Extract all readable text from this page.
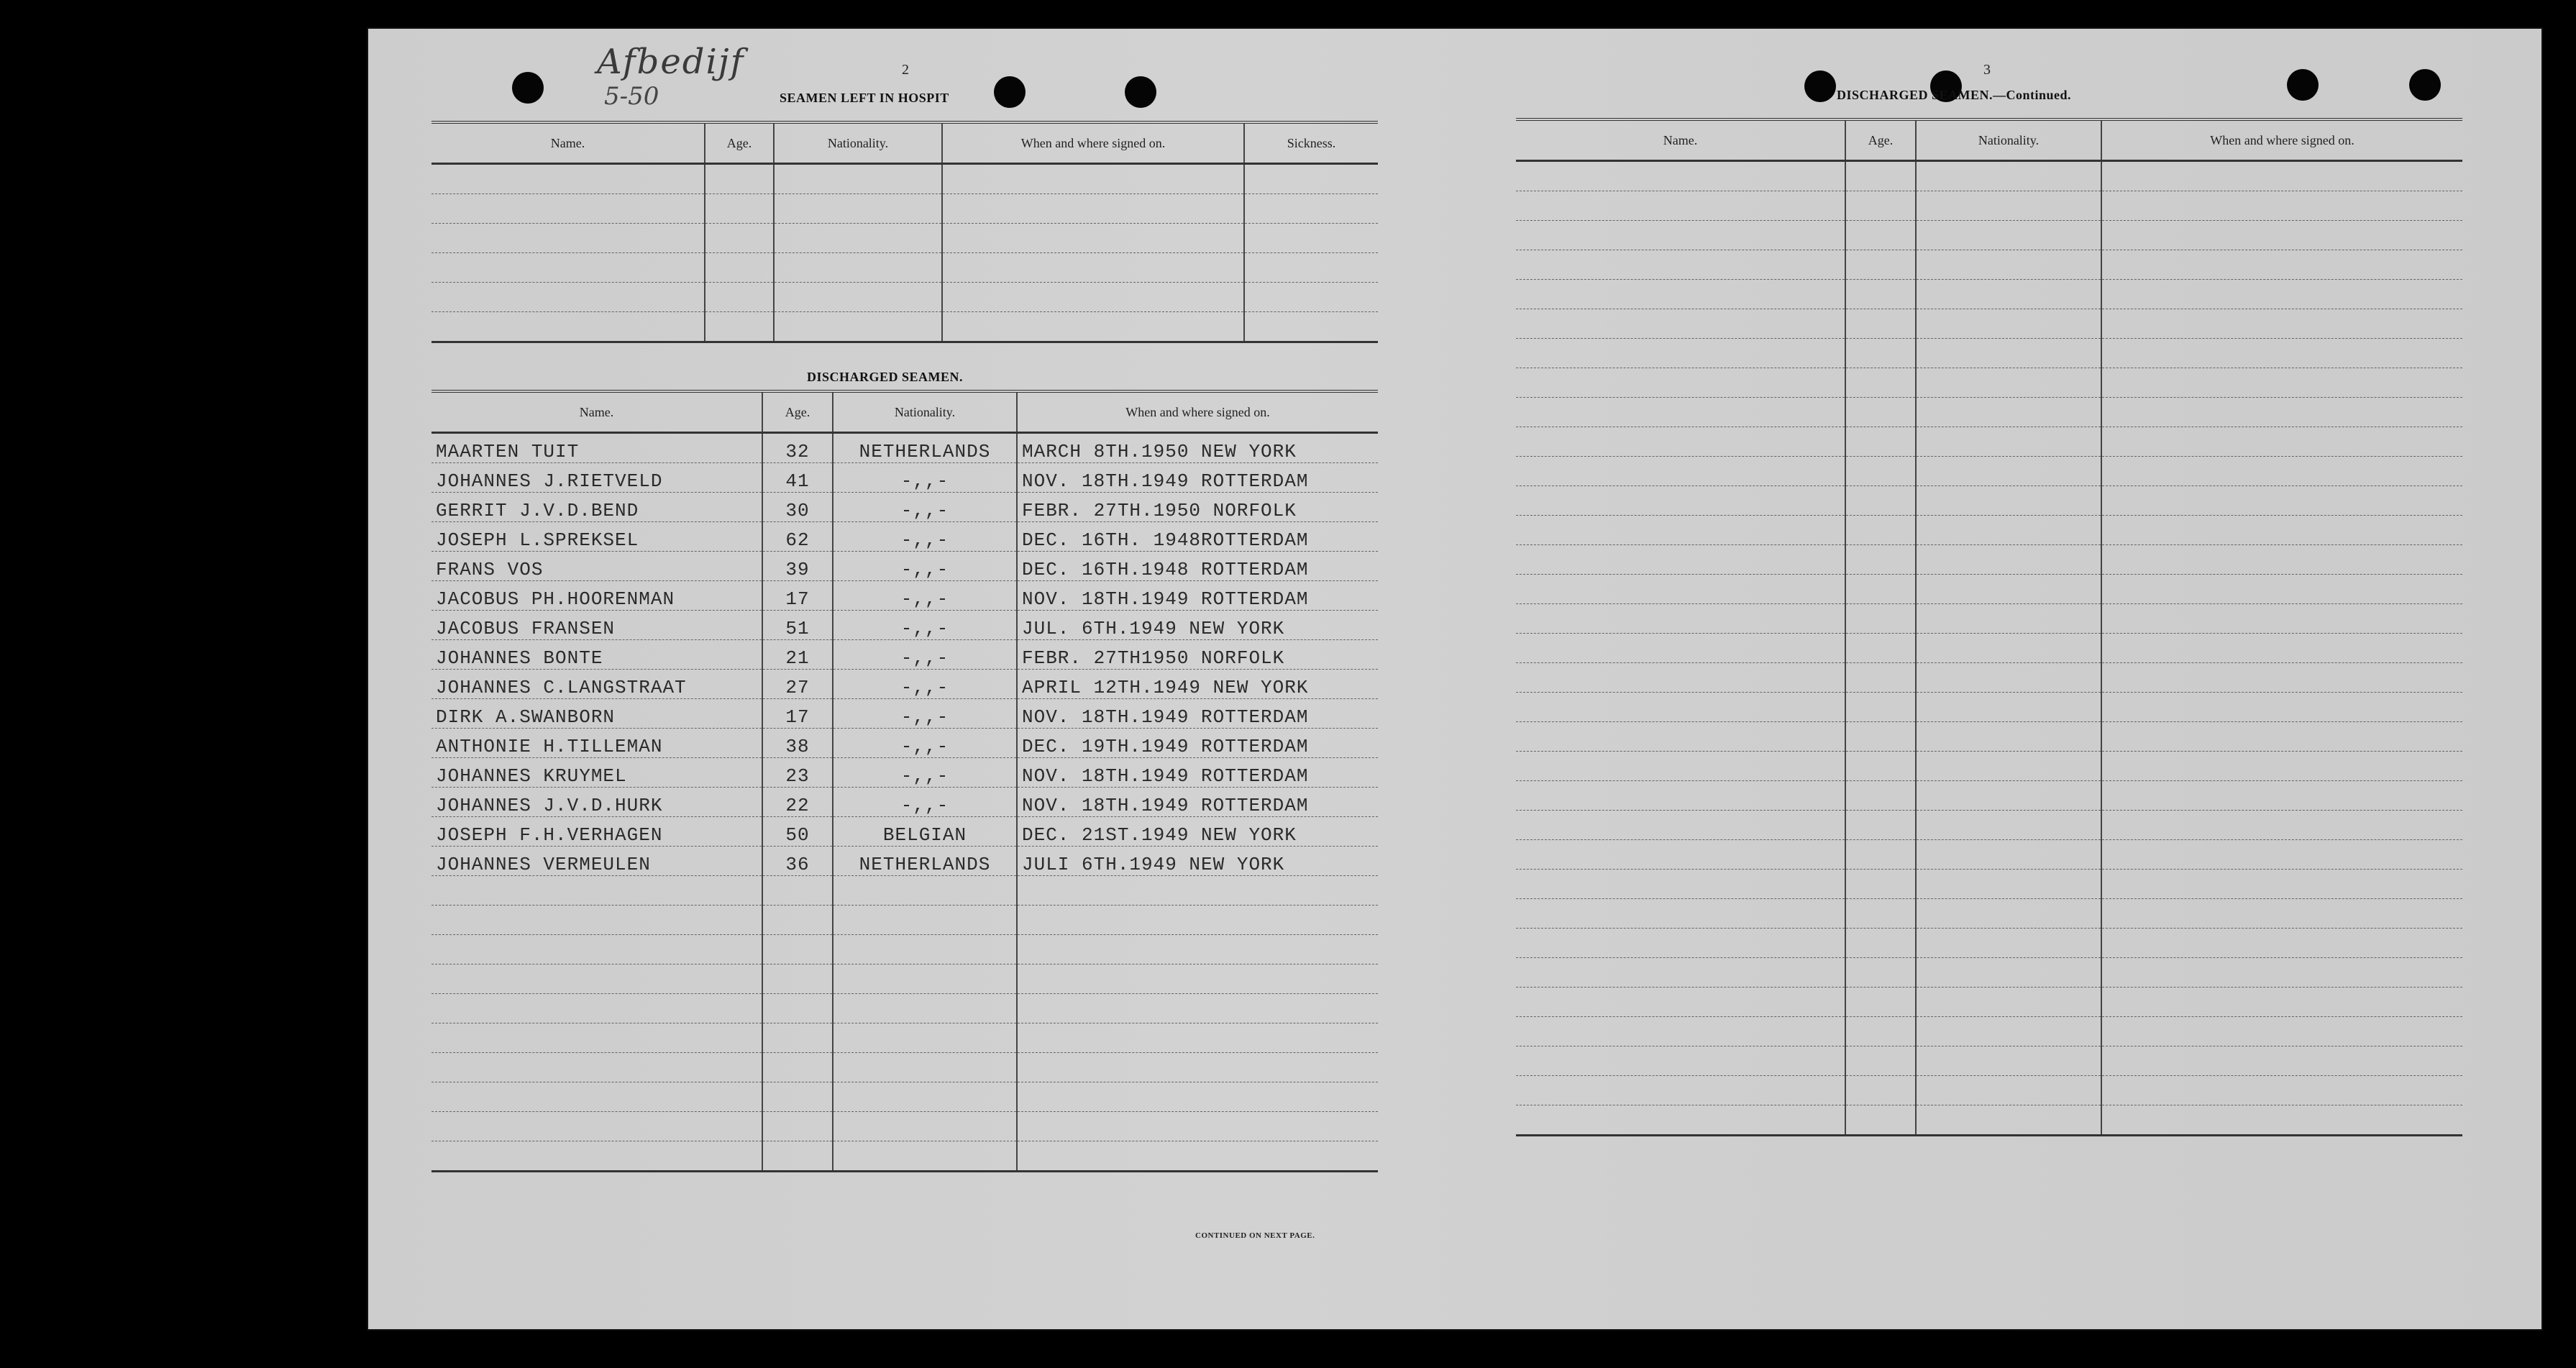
2
Afbedijf
5-50	SEAMEN LEFT IN HOSPIT
Name.	Age.	Nationality.	When and where signed on.	Sickness.

DISCHARGED SEAMEN.
Name.	Age.	Nationality.	When and where signed on.
MAARTEN TUIT	32	NETHERLANDS	MARCH 8TH.1950 NEW YORK
JOHANNES J.RIETVELD	41	-,,-	NOV. 18TH.1949 ROTTERDAM
GERRIT J.V.D.BEND	30	-,,-	FEBR. 27TH.1950 NORFOLK
JOSEPH L.SPREKSEL	62	-,,-	DEC. 16TH. 1948ROTTERDAM
FRANS VOS	39	-,,-	DEC. 16TH.1948 ROTTERDAM
JACOBUS PH.HOORENMAN	17	-,,-	NOV. 18TH.1949 ROTTERDAM
JACOBUS FRANSEN	51	-,,-	JUL. 6TH.1949 NEW YORK
JOHANNES BONTE	21	-,,-	FEBR. 27TH1950 NORFOLK
JOHANNES C.LANGSTRAAT	27	-,,-	APRIL 12TH.1949 NEW YORK
DIRK A.SWANBORN	17	-,,-	NOV. 18TH.1949 ROTTERDAM
ANTHONIE H.TILLEMAN	38	-,,-	DEC. 19TH.1949 ROTTERDAM
JOHANNES KRUYMEL	23	-,,-	NOV. 18TH.1949 ROTTERDAM
JOHANNES J.V.D.HURK	22	-,,-	NOV. 18TH.1949 ROTTERDAM
JOSEPH F.H.VERHAGEN	50	BELGIAN	DEC. 21ST.1949 NEW YORK
JOHANNES VERMEULEN	36	NETHERLANDS	JULI 6TH.1949 NEW YORK

CONTINUED ON NEXT PAGE.
3
DISCHARGED SEAMEN.—Continued.
Name.	Age.	Nationality.	When and where signed on.
